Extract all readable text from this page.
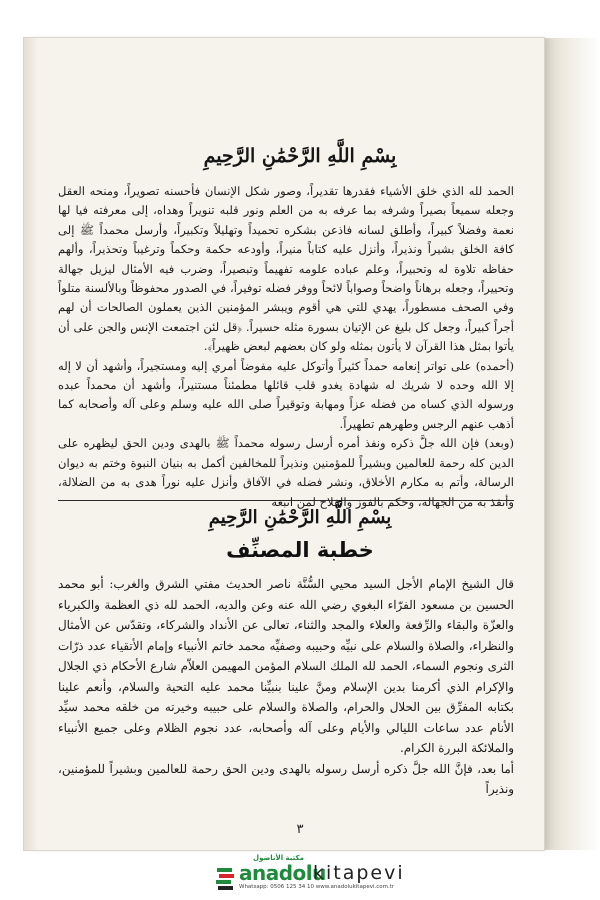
بِسْمِ اللَّهِ الرَّحْمَٰنِ الرَّحِيمِ

الحمد لله الذي خلق الأشياء فقدرها تقديراً، وصور شكل الإنسان فأحسنه تصويراً، ومنحه العقل وجعله سميعاً بصيراً وشرفه بما عرفه به من العلم ونور قلبه تنويراً وهداه، إلى معرفته فيا لها نعمة وفضلاً كبيراً، وأطلق لسانه فاذعن بشكره تحميداً وتهليلاً وتكبيراً، وأرسل محمداً ﷺ إلى كافة الخلق بشيراً ونذيراً، وأنزل عليه كتاباً منيراً، وأودعه حكمة وحكماً وترغيباً وتحذيراً، وألهم حفاظه تلاوة له وتحبيراً، وعلم عباده علومه تفهيماً وتبصيراً، وضرب فيه الأمثال ليزيل جهالة وتحييراً، وجعله برهاناً واضحاً وصواباً لائحاً ووفر فضله توفيراً، في الصدور محفوظاً وبالألسنة متلواً وفي الصحف مسطوراً، يهدي للتي هي أقوم ويبشر المؤمنين الذين يعملون الصالحات أن لهم أجراً كبيراً، وجعل كل بليغ عن الإتيان بسورة مثله حسيراً. ﴿قل لئن اجتمعت الإنس والجن على أن يأتوا بمثل هذا القرآن لا يأتون بمثله ولو كان بعضهم لبعض ظهيراً﴾.

(أحمده) على تواتر إنعامه حمداً كثيراً وأتوكل عليه مفوضاً أمري إليه ومستجيراً، وأشهد أن لا إله إلا الله وحده لا شريك له شهادة يغدو قلب قائلها مطمئناً مستنيراً، وأشهد أن محمداً عبده ورسوله الذي كساه من فضله عزاً ومهابة وتوقيراً صلى الله عليه وسلم وعلى آله وأصحابه كما أذهب عنهم الرجس وطهرهم تطهيراً.

(وبعد) فإن الله جلَّ ذكره ونفذ أمره أرسل رسوله محمداً ﷺ بالهدى ودين الحق ليظهره على الدين كله رحمة للعالمين وبشيراً للمؤمنين ونذيراً للمخالفين أكمل به بنيان النبوة وختم به ديوان الرسالة، وأتم به مكارم الأخلاق، ونشر فضله في الآفاق وأنزل عليه نوراً هدى به من الضلالة، وأنقذ به من الجهالة، وحكم بالفوز والفلاح لمن اتبعه

بِسْمِ اللَّهِ الرَّحْمَٰنِ الرَّحِيمِ
خطبة المصنِّف

قال الشيخ الإمام الأجل السيد محيي السُّنَّة ناصر الحديث مفتي الشرق والغرب: أبو محمد الحسين بن مسعود الفرّاء البغوي رضي الله عنه وعن والديه، الحمد لله ذي العظمة والكبرياء والعزّة والبقاء والرِّفعة والعلاء والمجد والثناء، تعالى عن الأنداد والشركاء، وتقدّس عن الأمثال والنظراء، والصلاة والسلام على نبيِّه وحبيبه وصفيِّه محمد خاتم الأنبياء وإمام الأتقياء عدد ذرّات الثرى ونجوم السماء، الحمد لله الملك السلام المؤمن المهيمن العلاّم شارع الأحكام ذي الجلال والإكرام الذي أكرمنا بدين الإسلام ومنَّ علينا بنبيِّنا محمد عليه التحية والسلام، وأنعم علينا بكتابه المفرِّق بين الحلال والحرام، والصلاة والسلام على حبيبه وخيرته من خلقه محمد سيِّد الأنام عدد ساعات الليالي والأيام وعلى آله وأصحابه، عدد نجوم الظلام وعلى جميع الأنبياء والملائكة البررة الكرام.

أما بعد، فإنَّ الله جلَّ ذكره أرسل رسوله بالهدى ودين الحق رحمة للعالمين وبشيراً للمؤمنين، ونذيراً

٣
مكتبة الأناضول
anadolu
kitapevi
Whatsapp: 0506 125 34 10 www.anadolukitapevi.com.tr
